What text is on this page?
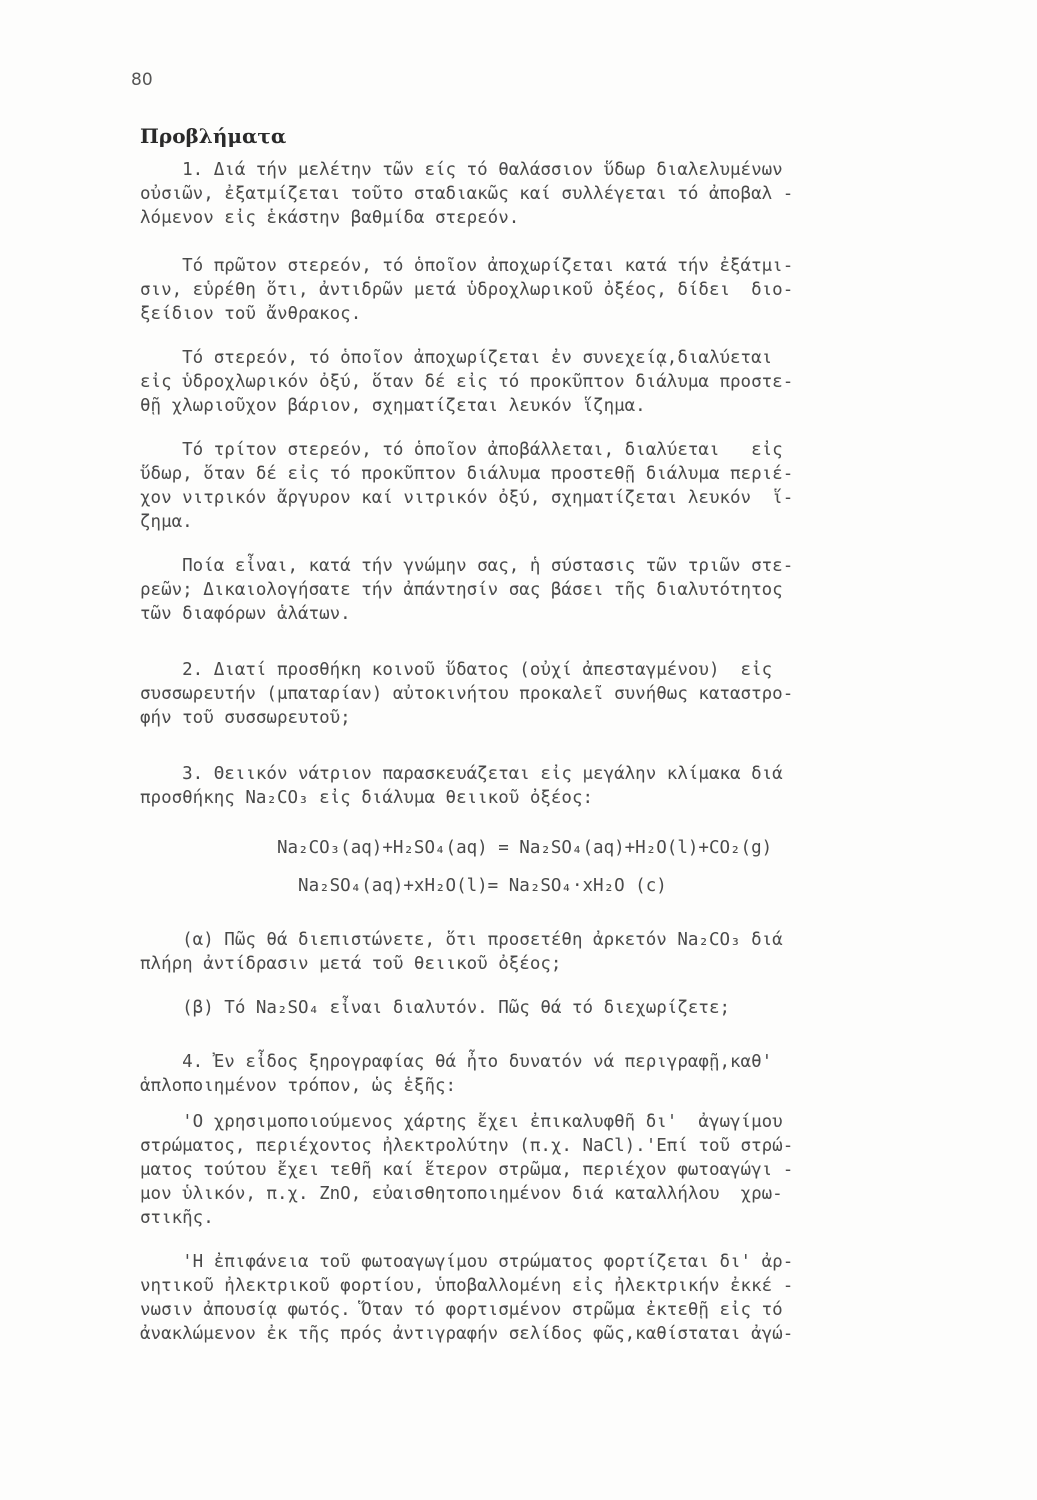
80
Προβλήματα
1. Διά τήν μελέτην τῶν είς τό θαλάσσιον ὕδωρ διαλελυμένων
οὐσιῶν, ἐξατμίζεται τοῦτο σταδιακῶς καί συλλέγεται τό ἀποβαλ -
λόμενον εἰς ἑκάστην βαθμίδα στερεόν.
Τό πρῶτον στερεόν, τό ὁποῖον ἀποχωρίζεται κατά τήν ἐξάτμι-
σιν, εὑρέθη ὅτι, ἀντιδρῶν μετά ὑδροχλωρικοῦ ὀξέος, δίδει  διο-
ξείδιον τοῦ ἄνθρακος.
Τό στερεόν, τό ὁποῖον ἀποχωρίζεται ἐν συνεχείᾳ,διαλύεται
εἰς ὑδροχλωρικόν ὀξύ, ὅταν δέ εἰς τό προκῦπτον διάλυμα προστε-
θῇ χλωριοῦχον βάριον, σχηματίζεται λευκόν ἵζημα.
Τό τρίτον στερεόν, τό ὁποῖον ἀποβάλλεται, διαλύεται   εἰς
ὕδωρ, ὅταν δέ εἰς τό προκῦπτον διάλυμα προστεθῇ διάλυμα περιέ-
χον νιτρικόν ἄργυρον καί νιτρικόν ὀξύ, σχηματίζεται λευκόν  ἵ-
ζημα.
Ποία εἶναι, κατά τήν γνώμην σας, ἡ σύστασις τῶν τριῶν στε-
ρεῶν; Δικαιολογήσατε τήν ἀπάντησίν σας βάσει τῆς διαλυτότητος
τῶν διαφόρων ἁλάτων.
2. Διατί προσθήκη κοινοῦ ὕδατος (οὐχί ἀπεσταγμένου)  εἰς
συσσωρευτήν (μπαταρίαν) αὐτοκινήτου προκαλεῖ συνήθως καταστρο-
φήν τοῦ συσσωρευτοῦ;
3. Θειικόν νάτριον παρασκευάζεται εἰς μεγάλην κλίμακα διά
προσθήκης Na₂CO₃ εἰς διάλυμα θειικοῦ ὀξέος:
Na₂CO₃(aq)+H₂SO₄(aq) = Na₂SO₄(aq)+H₂O(l)+CO₂(g)
Na₂SO₄(aq)+xH₂O(l)= Na₂SO₄·xH₂O (c)
(α) Πῶς θά διεπιστώνετε, ὅτι προσετέθη ἀρκετόν Na₂CO₃ διά
πλήρη ἀντίδρασιν μετά τοῦ θειικοῦ ὀξέος;
(β) Τό Na₂SO₄ εἶναι διαλυτόν. Πῶς θά τό διεχωρίζετε;
4. Ἐν εἶδος ξηρογραφίας θά ἦτο δυνατόν νά περιγραφῇ,καθ'
ἁπλοποιημένον τρόπον, ὡς ἑξῆς:
'Ο χρησιμοποιούμενος χάρτης ἔχει ἐπικαλυφθῆ δι'  ἀγωγίμου
στρώματος, περιέχοντος ἠλεκτρολύτην (π.χ. NaCl).'Επί τοῦ στρώ-
ματος τούτου ἔχει τεθῆ καί ἕτερον στρῶμα, περιέχον φωτοαγώγι -
μον ὑλικόν, π.χ. ZnO, εὐαισθητοποιημένον διά καταλλήλου  χρω-
στικῆς.
'Η ἐπιφάνεια τοῦ φωτοαγωγίμου στρώματος φορτίζεται δι' ἀρ-
νητικοῦ ἠλεκτρικοῦ φορτίου, ὑποβαλλομένη εἰς ἠλεκτρικήν ἐκκέ -
νωσιν ἀπουσίᾳ φωτός. Ὅταν τό φορτισμένον στρῶμα ἐκτεθῇ εἰς τό
ἀνακλώμενον ἐκ τῆς πρός ἀντιγραφήν σελίδος φῶς,καθίσταται ἀγώ-
